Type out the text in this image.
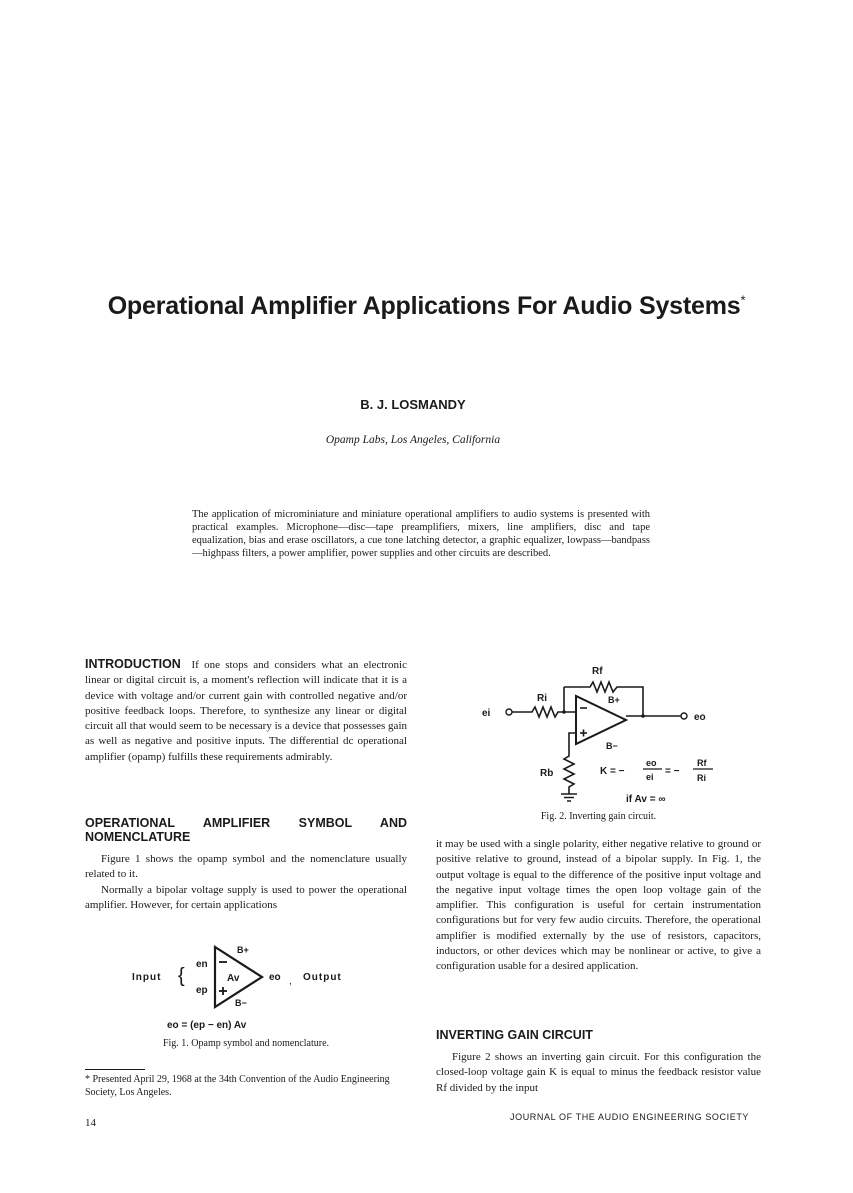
Operational Amplifier Applications For Audio Systems*
B. J. LOSMANDY
Opamp Labs, Los Angeles, California
The application of microminiature and miniature operational amplifiers to audio systems is presented with practical examples. Microphone—disc—tape preamplifiers, mixers, line amplifiers, disc and tape equalization, bias and erase oscillators, a cue tone latching detector, a graphic equalizer, lowpass—bandpass—highpass filters, a power amplifier, power supplies and other circuits are described.

INTRODUCTION If one stops and considers what an electronic linear or digital circuit is, a moment's reflection will indicate that it is a device with voltage and/or current gain with controlled negative and/or positive feedback loops. Therefore, to synthesize any linear or digital circuit all that would seem to be necessary is a device that possesses gain as well as negative and positive inputs. The differential dc operational amplifier (opamp) fulfills these requirements admirably.

OPERATIONAL AMPLIFIER SYMBOL AND NOMENCLATURE

Figure 1 shows the opamp symbol and the nomenclature usually related to it.

Normally a bipolar voltage supply is used to power the operational amplifier. However, for certain applications

Input {
en
ep
Av
B+
B−
eo , Output
eo = (ep − en) Av
Fig. 1. Opamp symbol and nomenclature.
* Presented April 29, 1968 at the 34th Convention of the Audio Engineering Society, Los Angeles.
Rf
Ri
ei
B+
B−
eo
Rb	K = −
eo
ei = −
Rf
Ri
if Av = ∞
Fig. 2. Inverting gain circuit.

it may be used with a single polarity, either negative relative to ground or positive relative to ground, instead of a bipolar supply. In Fig. 1, the output voltage is equal to the difference of the positive input voltage and the negative input voltage times the open loop voltage gain of the amplifier. This configuration is useful for certain instrumentation configurations but for very few audio circuits. Therefore, the operational amplifier is modified externally by the use of resistors, capacitors, inductors, or other devices which may be nonlinear or active, to give a configuration usable for a desired application.

INVERTING GAIN CIRCUIT

Figure 2 shows an inverting gain circuit. For this configuration the closed-loop voltage gain K is equal to minus the feedback resistor value Rf divided by the input

14	JOURNAL OF THE AUDIO ENGINEERING SOCIETY
